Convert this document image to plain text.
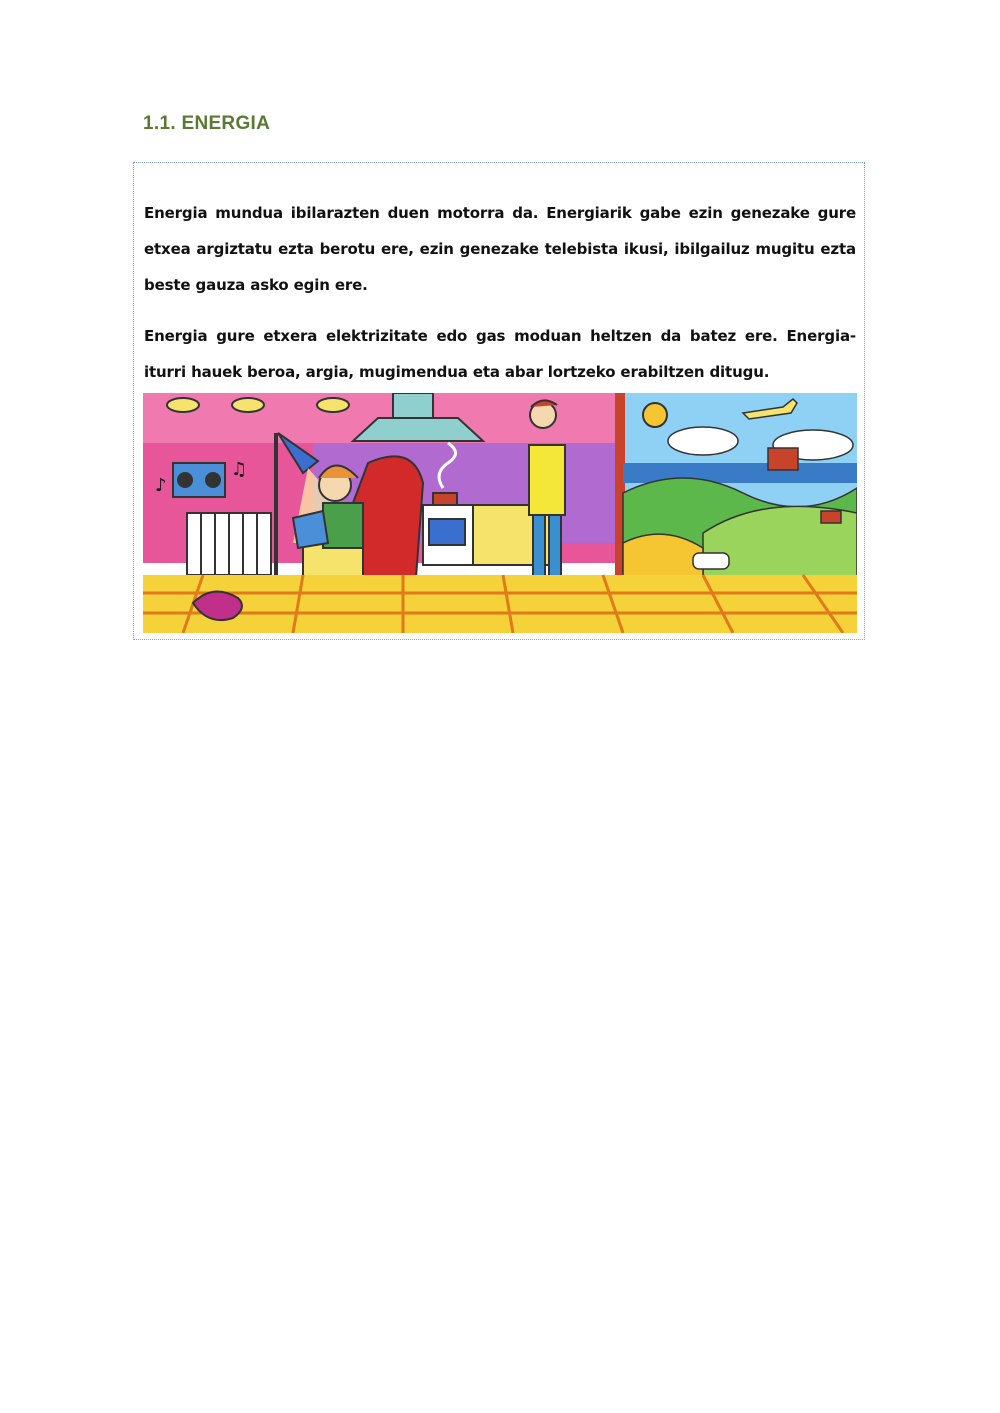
1.1. ENERGIA

Energia mundua ibilarazten duen motorra da. Energiarik gabe ezin genezake gure etxea argiztatu ezta berotu ere, ezin genezake telebista ikusi, ibilgailuz mugitu ezta beste gauza asko egin ere.

Energia gure etxera elektrizitate edo gas moduan heltzen da batez ere. Energia-iturri hauek beroa, argia, mugimendua eta abar lortzeko erabiltzen ditugu.

♪
♫
